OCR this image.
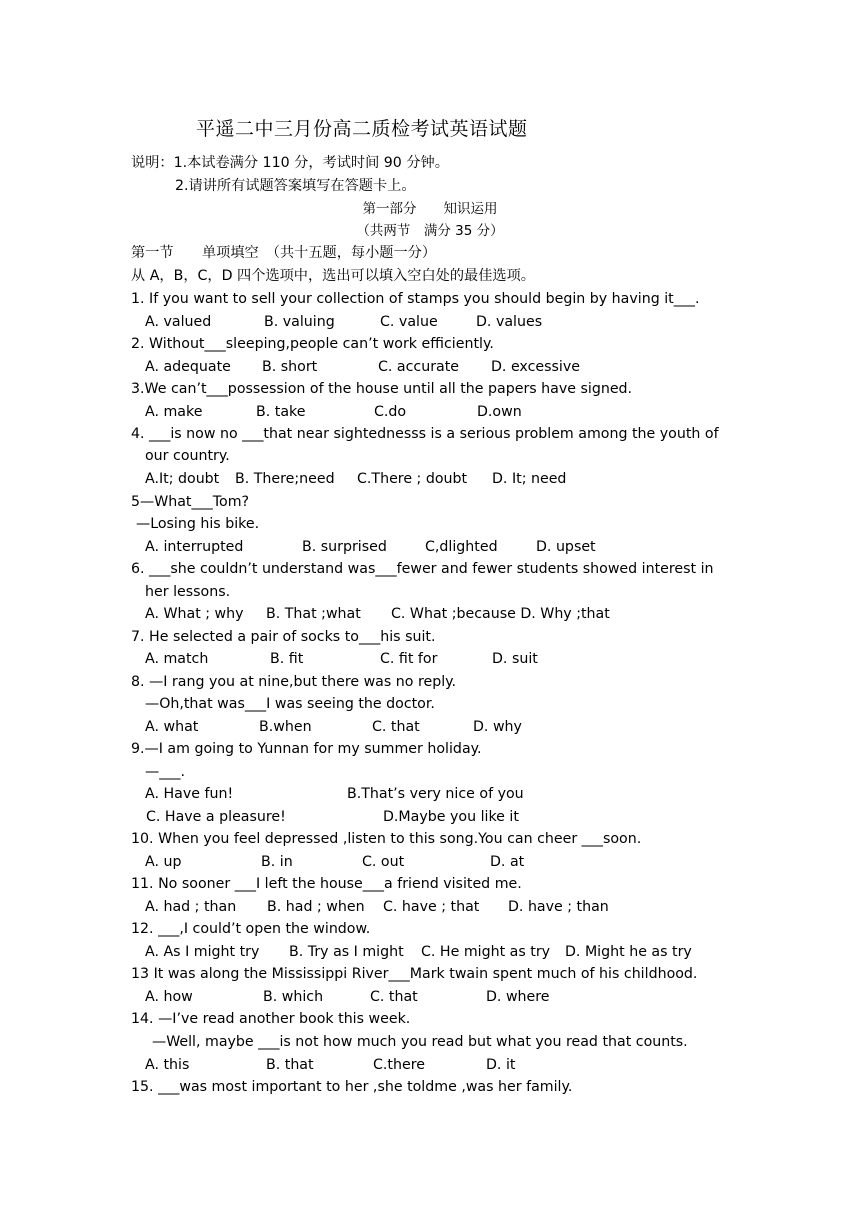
平遥二中三月份高二质检考试英语试题
说明：1.本试卷满分 110 分，考试时间 90 分钟。
2.请讲所有试题答案填写在答题卡上。
第一部分　　知识运用
（共两节　满分 35 分）
第一节　　单项填空　（共十五题，每小题一分）
从 A，B，C，D 四个选项中，选出可以填入空白处的最佳选项。
1. If you want to sell your collection of stamps you should begin by having it___.
A. valued	B. valuing	C. value	D. values
2. Without___sleeping,people can’t work efficiently.
A. adequate B. short	C. accurate D. excessive
3.We can’t___possession of the house until all the papers have signed.
A. make	B. take	C.do	D.own
4. ___is now no ___that near sightednesss is a serious problem among the youth of
our country.
A.It; doubt B. There;need C.There ; doubt D. It; need
5—What___Tom?
—Losing his bike.
A. interrupted	B. surprised	C,dlighted	D. upset
6. ___she couldn’t understand was___fewer and fewer students showed interest in
her lessons.
A. What ; why B. That ;what C. What ;because D. Why ;that
7. He selected a pair of socks to___his suit.
A. match	B. fit	C. fit for	D. suit
8. —I rang you at nine,but there was no reply.
—Oh,that was___I was seeing the doctor.
A. what	B.when	C. that	D. why
9.—I am going to Yunnan for my summer holiday.
—___.
A. Have fun!	B.That’s very nice of you
C. Have a pleasure!	D.Maybe you like it
10. When you feel depressed ,listen to this song.You can cheer ___soon.
A. up	B. in	C. out	D. at
11. No sooner ___I left the house___a friend visited me.
A. had ; than B. had ; when C. have ; that D. have ; than
12. ___,I could’t open the window.
A. As I might try B. Try as I might C. He might as try D. Might he as try
13 It was along the Mississippi River___Mark twain spent much of his childhood.
A. how	B. which	C. that	D. where
14. —I’ve read another book this week.
—Well, maybe ___is not how much you read but what you read that counts.
A. this	B. that	C.there	D. it
15. ___was most important to her ,she toldme ,was her family.
